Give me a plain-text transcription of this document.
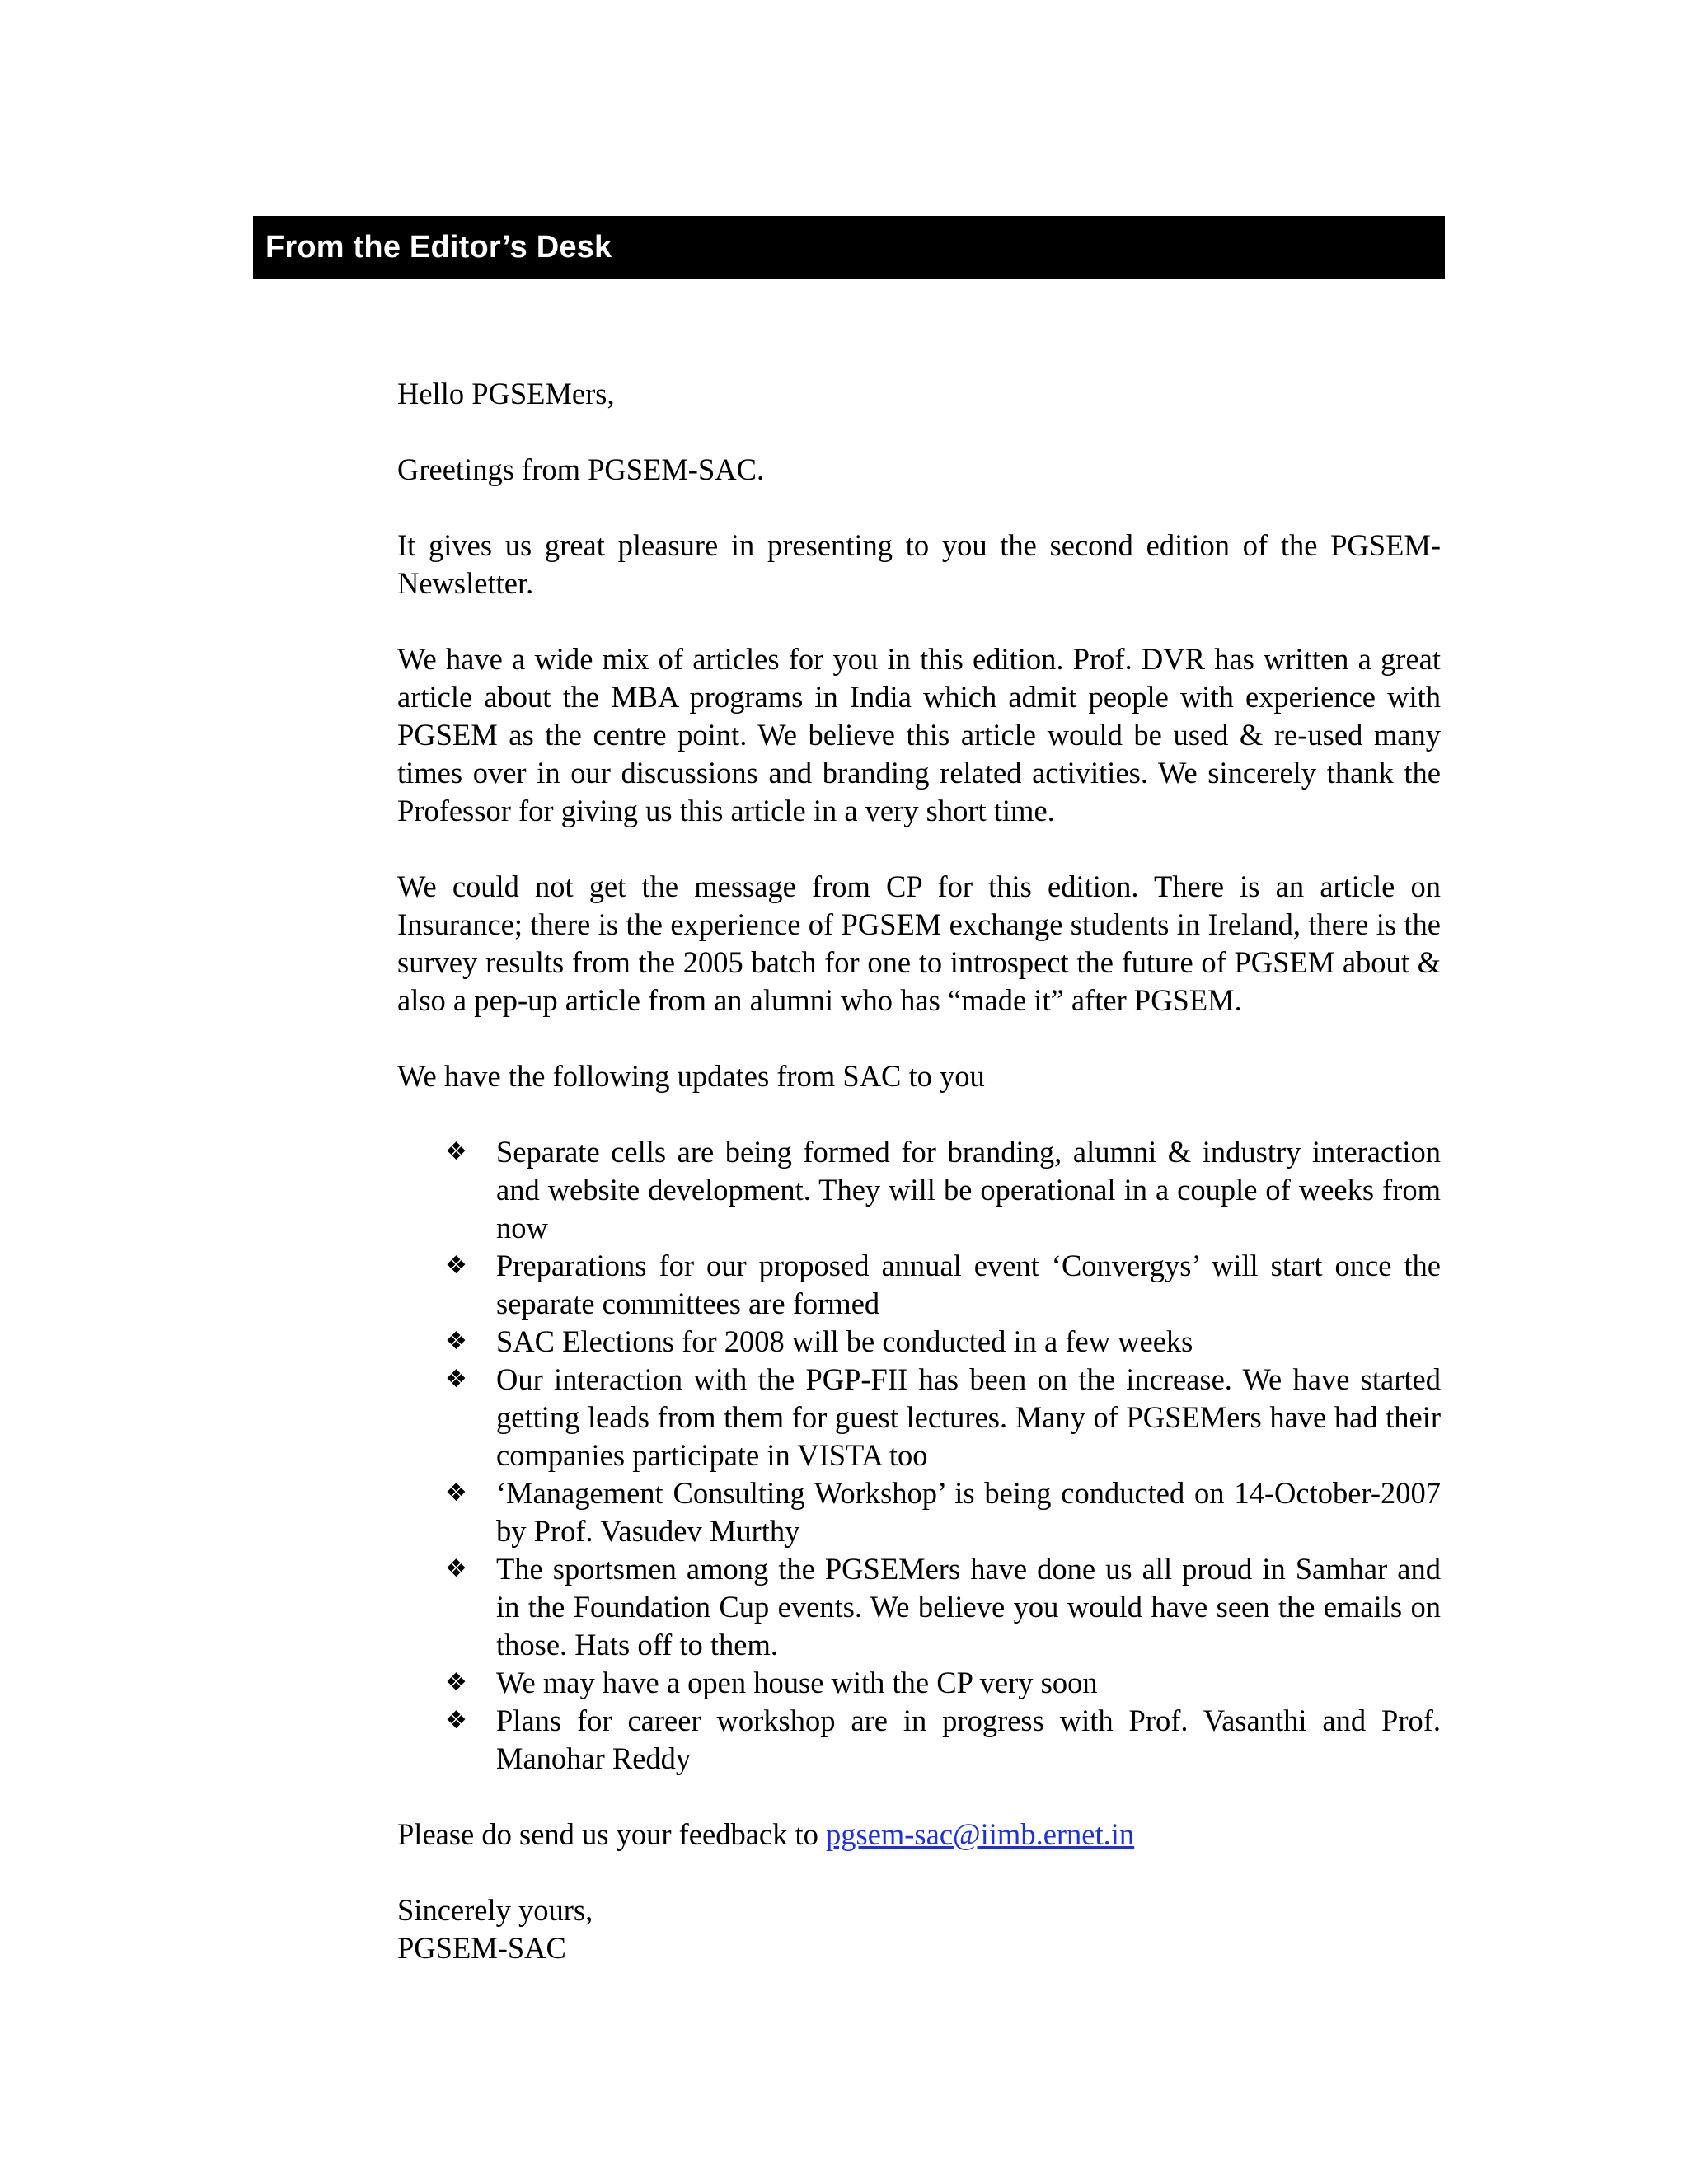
From the Editor’s Desk

Hello PGSEMers,

Greetings from PGSEM-SAC.

It gives us great pleasure in presenting to you the second edition of the PGSEM-Newsletter.

We have a wide mix of articles for you in this edition. Prof. DVR has written a great article about the MBA programs in India which admit people with experience with PGSEM as the centre point. We believe this article would be used & re-used many times over in our discussions and branding related activities. We sincerely thank the Professor for giving us this article in a very short time.

We could not get the message from CP for this edition. There is an article on Insurance; there is the experience of PGSEM exchange students in Ireland, there is the survey results from the 2005 batch for one to introspect the future of PGSEM about & also a pep-up article from an alumni who has “made it” after PGSEM.

We have the following updates from SAC to you

❖ Separate cells are being formed for branding, alumni & industry interaction and website development. They will be operational in a couple of weeks from now
❖ Preparations for our proposed annual event ‘Convergys’ will start once the separate committees are formed
❖ SAC Elections for 2008 will be conducted in a few weeks
❖ Our interaction with the PGP-FII has been on the increase. We have started getting leads from them for guest lectures. Many of PGSEMers have had their companies participate in VISTA too
❖ ‘Management Consulting Workshop’ is being conducted on 14-October-2007 by Prof. Vasudev Murthy
❖ The sportsmen among the PGSEMers have done us all proud in Samhar and in the Foundation Cup events. We believe you would have seen the emails on those. Hats off to them.
❖ We may have a open house with the CP very soon
❖ Plans for career workshop are in progress with Prof. Vasanthi and Prof. Manohar Reddy

Please do send us your feedback to pgsem-sac@iimb.ernet.in

Sincerely yours,

PGSEM-SAC
